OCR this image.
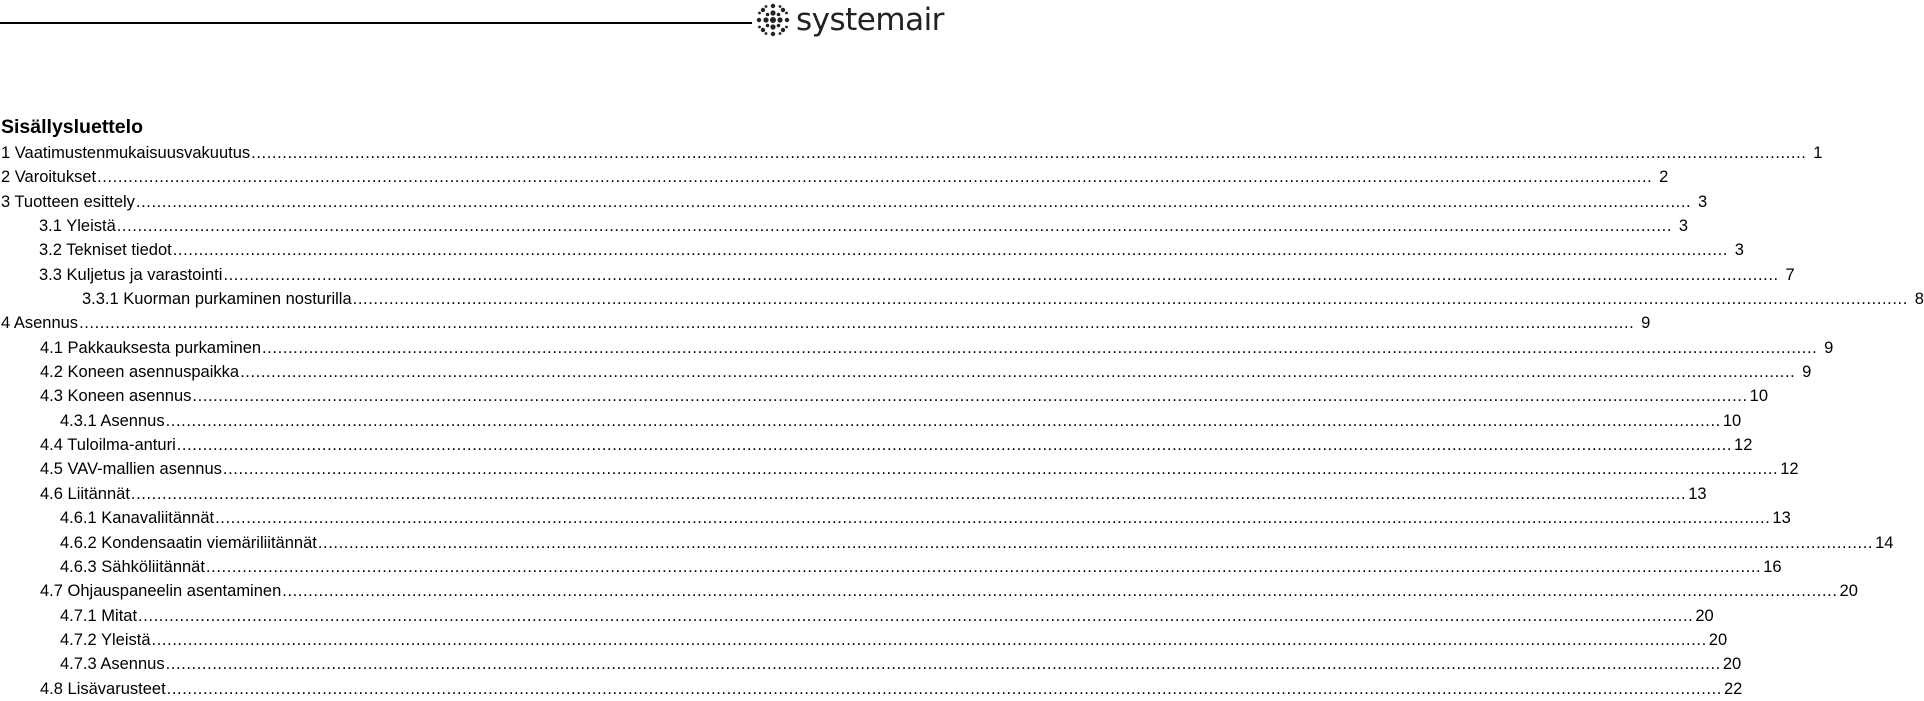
systemair
Sisällysluettelo
1 Vaatimustenmukaisuusvakuutus ............................................................................................................................................................................................................................................................................................................ 1
2 Varoitukset ............................................................................................................................................................................................................................................................................................................ 2
3 Tuotteen esittely ............................................................................................................................................................................................................................................................................................................ 3
3.1 Yleistä ............................................................................................................................................................................................................................................................................................................ 3
3.2 Tekniset tiedot ............................................................................................................................................................................................................................................................................................................ 3
3.3 Kuljetus ja varastointi ............................................................................................................................................................................................................................................................................................................ 7
3.3.1 Kuorman purkaminen nosturilla ............................................................................................................................................................................................................................................................................................................ 8
4 Asennus ............................................................................................................................................................................................................................................................................................................ 9
4.1 Pakkauksesta purkaminen ............................................................................................................................................................................................................................................................................................................ 9
4.2 Koneen asennuspaikka ............................................................................................................................................................................................................................................................................................................ 9
4.3 Koneen asennus ............................................................................................................................................................................................................................................................................................................ 10
4.3.1 Asennus ............................................................................................................................................................................................................................................................................................................ 10
4.4 Tuloilma-anturi ............................................................................................................................................................................................................................................................................................................ 12
4.5 VAV-mallien asennus ............................................................................................................................................................................................................................................................................................................ 12
4.6 Liitännät ............................................................................................................................................................................................................................................................................................................ 13
4.6.1 Kanavaliitännät ............................................................................................................................................................................................................................................................................................................ 13
4.6.2 Kondensaatin viemäriliitännät ............................................................................................................................................................................................................................................................................................................ 14
4.6.3 Sähköliitännät ............................................................................................................................................................................................................................................................................................................ 16
4.7 Ohjauspaneelin asentaminen ............................................................................................................................................................................................................................................................................................................ 20
4.7.1 Mitat ............................................................................................................................................................................................................................................................................................................ 20
4.7.2 Yleistä ............................................................................................................................................................................................................................................................................................................ 20
4.7.3 Asennus ............................................................................................................................................................................................................................................................................................................ 20
4.8 Lisävarusteet ............................................................................................................................................................................................................................................................................................................ 22
